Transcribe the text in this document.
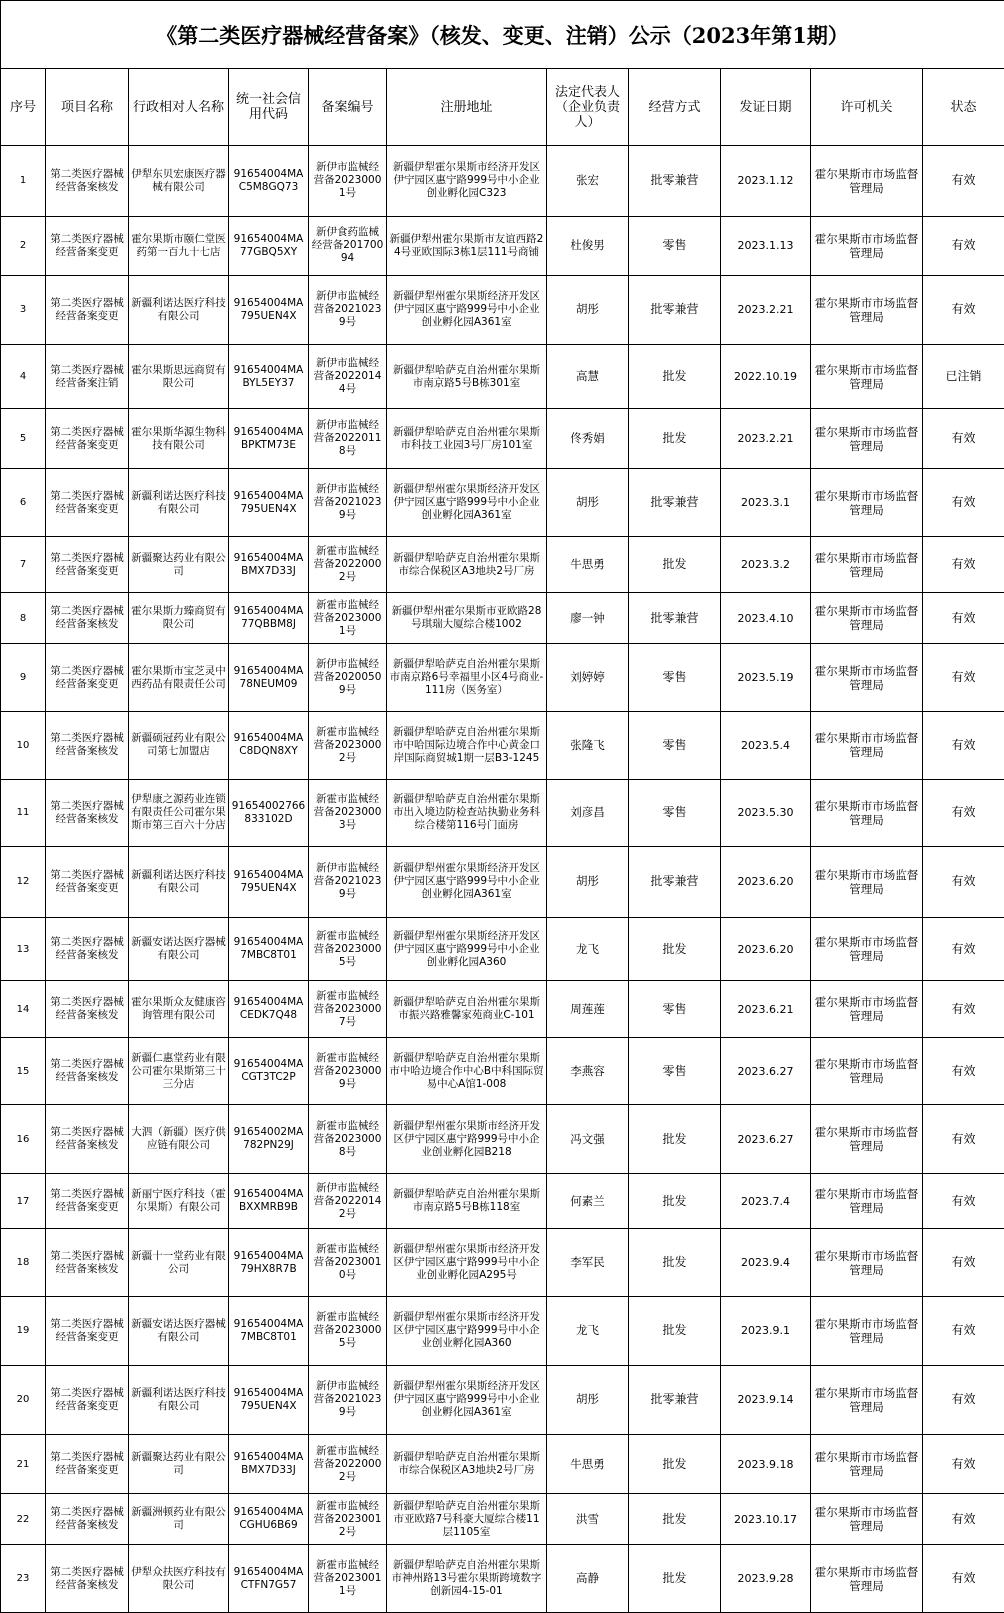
《第二类医疗器械经营备案》（核发、变更、注销）公示（2023年第1期）										
序号	项目名称	行政相对人名称	统一社会信用代码	备案编号	注册地址	法定代表人（企业负责人）	经营方式	发证日期	许可机关	状态
1	第二类医疗器械经营备案核发	伊犁东贝宏康医疗器械有限公司	91654004MAC5M8GQ73	新伊市监械经营备20230001号	新疆伊犁霍尔果斯市经济开发区伊宁园区惠宁路999号中小企业创业孵化园C323	张宏	批零兼营	2023.1.12	霍尔果斯市市场监督管理局	有效
2	第二类医疗器械经营备案变更	霍尔果斯市颐仁堂医药第一百九十七店	91654004MA77GBQ5XY	新伊食药监械经营备20170094	新疆伊犁州霍尔果斯市友谊西路24号亚欧国际3栋1层111号商铺	杜俊男	零售	2023.1.13	霍尔果斯市市场监督管理局	有效
3	第二类医疗器械经营备案变更	新疆利诺达医疗科技有限公司	91654004MA795UEN4X	新伊市监械经营备20210239号	新疆伊犁州霍尔果斯经济开发区伊宁园区惠宁路999号中小企业创业孵化园A361室	胡彤	批零兼营	2023.2.21	霍尔果斯市市场监督管理局	有效
4	第二类医疗器械经营备案注销	霍尔果斯思远商贸有限公司	91654004MABYL5EY37	新伊市监械经营备20220144号	新疆伊犁哈萨克自治州霍尔果斯市南京路5号B栋301室	高慧	批发	2022.10.19	霍尔果斯市市场监督管理局	已注销
5	第二类医疗器械经营备案变更	霍尔果斯华源生物科技有限公司	91654004MABPKTM73E	新伊市监械经营备20220118号	新疆伊犁哈萨克自治州霍尔果斯市科技工业园3号厂房101室	佟秀娟	批发	2023.2.21	霍尔果斯市市场监督管理局	有效
6	第二类医疗器械经营备案变更	新疆利诺达医疗科技有限公司	91654004MA795UEN4X	新伊市监械经营备20210239号	新疆伊犁州霍尔果斯经济开发区伊宁园区惠宁路999号中小企业创业孵化园A361室	胡彤	批零兼营	2023.3.1	霍尔果斯市市场监督管理局	有效
7	第二类医疗器械经营备案变更	新疆聚达药业有限公司	91654004MABMX7D33J	新霍市监械经营备20220002号	新疆伊犁哈萨克自治州霍尔果斯市综合保税区A3地块2号厂房	牛思勇	批发	2023.3.2	霍尔果斯市市场监督管理局	有效
8	第二类医疗器械经营备案核发	霍尔果斯力臻商贸有限公司	91654004MA77QBBM8J	新霍市监械经营备20230001号	新疆伊犁州霍尔果斯市亚欧路28号琪瑞大厦综合楼1002	廖一钟	批零兼营	2023.4.10	霍尔果斯市市场监督管理局	有效
9	第二类医疗器械经营备案变更	霍尔果斯市宝芝灵中西药品有限责任公司	91654004MA78NEUM09	新伊市监械经营备20200509号	新疆伊犁哈萨克自治州霍尔果斯市南京路6号幸福里小区4号商业-111房（医务室）	刘婷婷	零售	2023.5.19	霍尔果斯市市场监督管理局	有效
10	第二类医疗器械经营备案核发	新疆硕冠药业有限公司第七加盟店	91654004MAC8DQN8XY	新霍市监械经营备20230002号	新疆伊犁哈萨克自治州霍尔果斯市中哈国际边境合作中心黄金口岸国际商贸城1期一层B3-1245	张隆飞	零售	2023.5.4	霍尔果斯市市场监督管理局	有效
11	第二类医疗器械经营备案核发	伊犁康之源药业连锁有限责任公司霍尔果斯市第三百六十分店	91654002766833102D	新霍市监械经营备20230003号	新疆伊犁哈萨克自治州霍尔果斯市出入境边防检查站执勤业务科综合楼第116号门面房	刘彦昌	零售	2023.5.30	霍尔果斯市市场监督管理局	有效
12	第二类医疗器械经营备案变更	新疆利诺达医疗科技有限公司	91654004MA795UEN4X	新伊市监械经营备20210239号	新疆伊犁州霍尔果斯经济开发区伊宁园区惠宁路999号中小企业创业孵化园A361室	胡彤	批零兼营	2023.6.20	霍尔果斯市市场监督管理局	有效
13	第二类医疗器械经营备案核发	新疆安诺达医疗器械有限公司	91654004MA7MBC8T01	新霍市监械经营备20230005号	新疆伊犁州霍尔果斯经济开发区伊宁园区惠宁路999号中小企业创业孵化园A360	龙飞	批发	2023.6.20	霍尔果斯市市场监督管理局	有效
14	第二类医疗器械经营备案核发	霍尔果斯众友健康咨询管理有限公司	91654004MACEDK7Q48	新霍市监械经营备20230007号	新疆伊犁哈萨克自治州霍尔果斯市振兴路雅馨家苑商业C-101	周莲莲	零售	2023.6.21	霍尔果斯市市场监督管理局	有效
15	第二类医疗器械经营备案核发	新疆仁惠堂药业有限公司霍尔果斯第三十三分店	91654004MACGT3TC2P	新霍市监械经营备20230009号	新疆伊犁哈萨克自治州霍尔果斯市中哈边境合作中心B中科国际贸易中心A馆1-008	李燕容	零售	2023.6.27	霍尔果斯市市场监督管理局	有效
16	第二类医疗器械经营备案核发	大泗（新疆）医疗供应链有限公司	91654002MA782PN29J	新霍市监械经营备20230008号	新疆伊犁州霍尔果斯市经济开发区伊宁园区惠宁路999号中小企业创业孵化园B218	冯文强	批发	2023.6.27	霍尔果斯市市场监督管理局	有效
17	第二类医疗器械经营备案变更	新丽宁医疗科技（霍尔果斯）有限公司	91654004MABXXMRB9B	新伊市监械经营备20220142号	新疆伊犁哈萨克自治州霍尔果斯市南京路5号B栋118室	何素兰	批发	2023.7.4	霍尔果斯市市场监督管理局	有效
18	第二类医疗器械经营备案核发	新疆十一堂药业有限公司	91654004MA79HX8R7B	新霍市监械经营备20230010号	新疆伊犁州霍尔果斯市经济开发区伊宁园区惠宁路999号中小企业创业孵化园A295号	李军民	批发	2023.9.4	霍尔果斯市市场监督管理局	有效
19	第二类医疗器械经营备案变更	新疆安诺达医疗器械有限公司	91654004MA7MBC8T01	新霍市监械经营备20230005号	新疆伊犁州霍尔果斯市经济开发区伊宁园区惠宁路999号中小企业创业孵化园A360	龙飞	批发	2023.9.1	霍尔果斯市市场监督管理局	有效
20	第二类医疗器械经营备案变更	新疆利诺达医疗科技有限公司	91654004MA795UEN4X	新伊市监械经营备20210239号	新疆伊犁州霍尔果斯经济开发区伊宁园区惠宁路999号中小企业创业孵化园A361室	胡彤	批零兼营	2023.9.14	霍尔果斯市市场监督管理局	有效
21	第二类医疗器械经营备案变更	新疆聚达药业有限公司	91654004MABMX7D33J	新霍市监械经营备20220002号	新疆伊犁哈萨克自治州霍尔果斯市综合保税区A3地块2号厂房	牛思勇	批发	2023.9.18	霍尔果斯市市场监督管理局	有效
22	第二类医疗器械经营备案核发	新疆洲顿药业有限公司	91654004MACGHU6B69	新霍市监械经营备20230012号	新疆伊犁哈萨克自治州霍尔果斯市亚欧路7号科豪大厦综合楼11层1105室	洪雪	批发	2023.10.17	霍尔果斯市市场监督管理局	有效
23	第二类医疗器械经营备案核发	伊犁众扶医疗科技有限公司	91654004MACTFN7G57	新霍市监械经营备20230011号	新疆伊犁哈萨克自治州霍尔果斯市神州路13号霍尔果斯跨境数字创新园4-15-01	高静	批发	2023.9.28	霍尔果斯市市场监督管理局	有效
